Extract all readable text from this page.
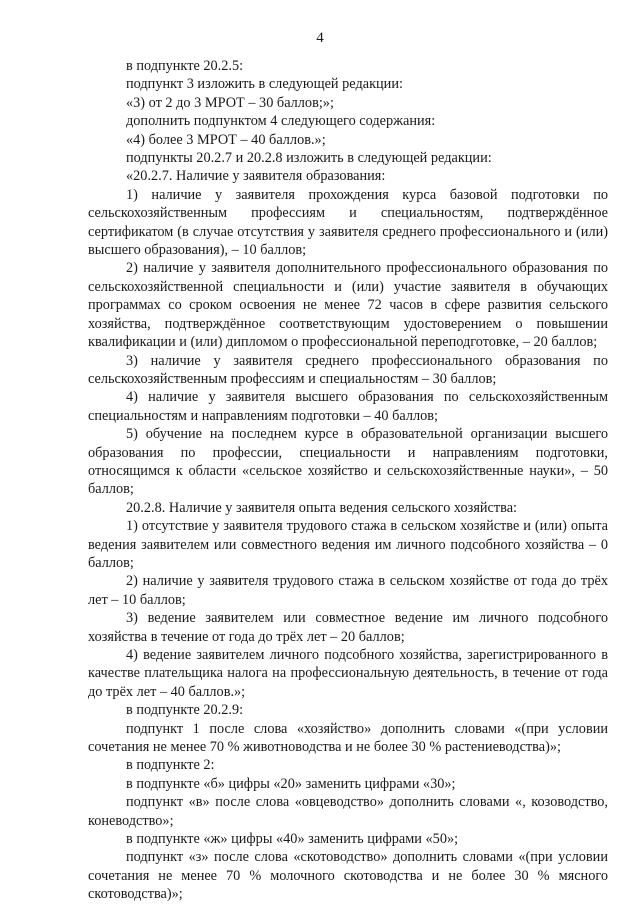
4

в подпункте 20.2.5:

подпункт 3 изложить в следующей редакции:

«3) от 2 до 3 МРОТ – 30 баллов;»;

дополнить подпунктом 4 следующего содержания:

«4) более 3 МРОТ – 40 баллов.»;

подпункты 20.2.7 и 20.2.8 изложить в следующей редакции:

«20.2.7. Наличие у заявителя образования:

1) наличие у заявителя прохождения курса базовой подготовки по сельскохозяйственным профессиям и специальностям, подтверждённое сертификатом (в случае отсутствия у заявителя среднего профессионального и (или) высшего образования), – 10 баллов;

2) наличие у заявителя дополнительного профессионального образования по сельскохозяйственной специальности и (или) участие заявителя в обучающих программах со сроком освоения не менее 72 часов в сфере развития сельского хозяйства, подтверждённое соответствующим удостоверением о повышении квалификации и (или) дипломом о профессиональной переподготовке, – 20 баллов;

3) наличие у заявителя среднего профессионального образования по сельскохозяйственным профессиям и специальностям – 30 баллов;

4) наличие у заявителя высшего образования по сельскохозяйственным специальностям и направлениям подготовки – 40 баллов;

5) обучение на последнем курсе в образовательной организации высшего образования по профессии, специальности и направлениям подготовки, относящимся к области «сельское хозяйство и сельскохозяйственные науки», – 50 баллов;

20.2.8. Наличие у заявителя опыта ведения сельского хозяйства:

1) отсутствие у заявителя трудового стажа в сельском хозяйстве и (или) опыта ведения заявителем или совместного ведения им личного подсобного хозяйства – 0 баллов;

2) наличие у заявителя трудового стажа в сельском хозяйстве от года до трёх лет – 10 баллов;

3) ведение заявителем или совместное ведение им личного подсобного хозяйства в течение от года до трёх лет – 20 баллов;

4) ведение заявителем личного подсобного хозяйства, зарегистрированного в качестве плательщика налога на профессиональную деятельность, в течение от года до трёх лет – 40 баллов.»;

в подпункте 20.2.9:

подпункт 1 после слова «хозяйство» дополнить словами «(при условии сочетания не менее 70 % животноводства и не более 30 % растениеводства)»;

в подпункте 2:

в подпункте «б» цифры «20» заменить цифрами «30»;

подпункт «в» после слова «овцеводство» дополнить словами «, козоводство, коневодство»;

в подпункте «ж» цифры «40» заменить цифрами «50»;

подпункт «з» после слова «скотоводство» дополнить словами «(при условии сочетания не менее 70 % молочного скотоводства и не более 30 % мясного скотоводства)»;
